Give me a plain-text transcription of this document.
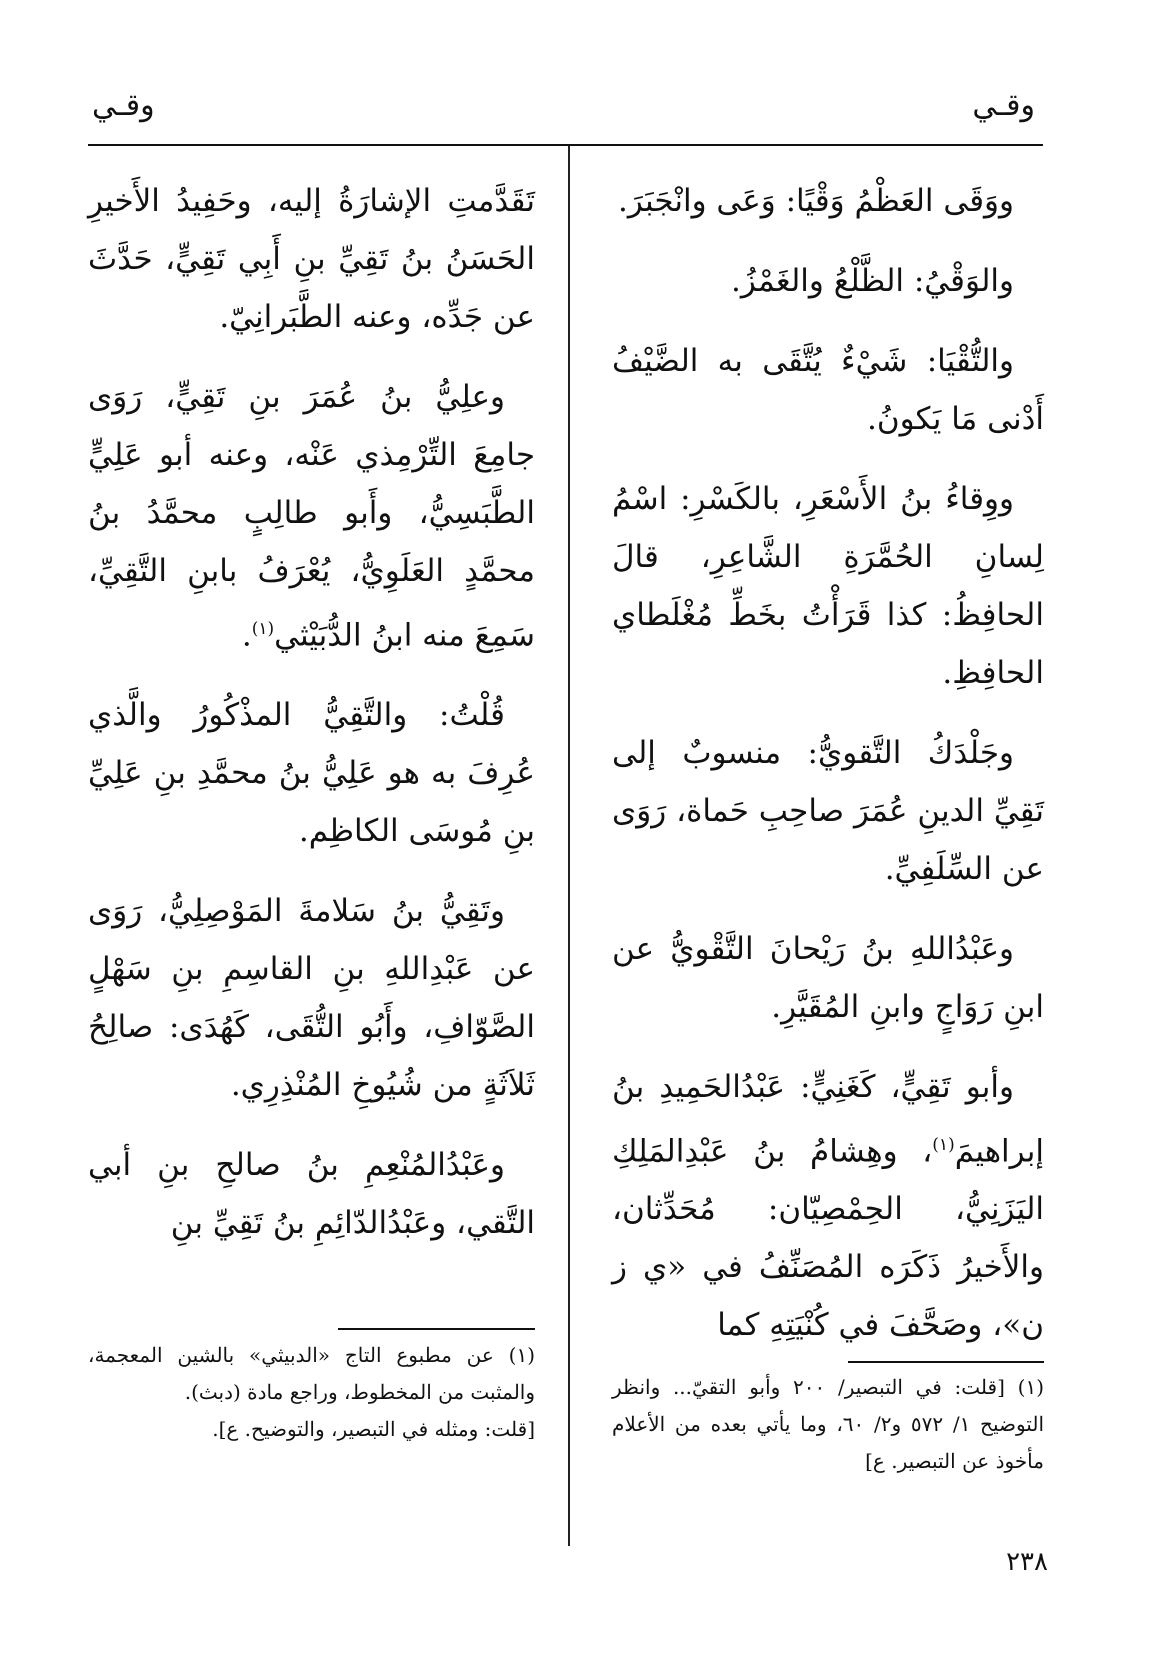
وقـي
وقـي

ووَقَى العَظْمُ وَقْيًا: وَعَى وانْجَبَرَ.

والوَقْيُ: الظَّلْعُ والغَمْزُ.

والتُّقْيَا: شَيْءٌ يُتَّقَى به الضَّيْفُ أَدْنى مَا يَكونُ.

ووِقاءُ بنُ الأَسْعَرِ، بالكَسْرِ: اسْمُ لِسانِ الحُمَّرَةِ الشَّاعِرِ، قالَ الحافِظُ: كذا قَرَأْتُ بخَطِّ مُغْلَطاي الحافِظِ.

وجَلْدَكُ التَّقويُّ: منسوبٌ إلى تَقِيِّ الدينِ عُمَرَ صاحِبِ حَماة، رَوَى عن السِّلَفِيِّ.

وعَبْدُاللهِ بنُ رَيْحانَ التَّقْويُّ عن ابنِ رَوَاجٍ وابنِ المُقَيَّرِ.

وأبو تَقِيٍّ، كَغَنِيٍّ: عَبْدُالحَمِيدِ بنُ إبراهيمَ$^{(١)}$، وهِشامُ بنُ عَبْدِالمَلِكِ اليَزَنِيُّ، الحِمْصِيّان: مُحَدِّثان، والأَخيرُ ذَكَرَه المُصَنِّفُ في «ي ز ن»، وصَحَّفَ في كُنْيَتِهِ كما

تَقَدَّمتِ الإشارَةُ إليه، وحَفِيدُ الأَخيرِ الحَسَنُ بنُ تَقِيِّ بنِ أَبِي تَقِيٍّ، حَدَّثَ عن جَدِّه، وعنه الطَّبَرانِيّ.

وعلِيُّ بنُ عُمَرَ بنِ تَقِيٍّ، رَوَى جامِعَ التِّرْمِذي عَنْه، وعنه أبو عَلِيٍّ الطَّبَسِيُّ، وأَبو طالِبٍ محمَّدُ بنُ محمَّدٍ العَلَوِيُّ، يُعْرَفُ بابنِ التَّقِيِّ، سَمِعَ منه ابنُ الدُّبَيْثي$^{(١)}$.

قُلْتُ: والتَّقِيُّ المذْكُورُ والَّذي عُرِفَ به هو عَلِيُّ بنُ محمَّدِ بنِ عَلِيِّ بنِ مُوسَى الكاظِم.

وتَقِيُّ بنُ سَلامةَ المَوْصِلِيُّ، رَوَى عن عَبْدِاللهِ بنِ القاسِمِ بنِ سَهْلٍ الصَّوّافِ، وأَبُو التُّقَى، كَهُدَى: صالِحُ ثَلاَثَةٍ من شُيُوخِ المُنْذِرِي.

وعَبْدُالمُنْعِمِ بنُ صالحِ بنِ أبي التَّقي، وعَبْدُالدّائِمِ بنُ تَقِيِّ بنِ

(١) [قلت: في التبصير/ ٢٠٠ وأبو التقيّ... وانظر التوضيح ١/ ٥٧٢ و٢/ ٦٠، وما يأتي بعده من الأعلام مأخوذ عن التبصير. ع]
(١) عن مطبوع التاج «الدبيثي» بالشين المعجمة، والمثبت من المخطوط، وراجع مادة (دبث).
[قلت: ومثله في التبصير، والتوضيح. ع].
٢٣٨
